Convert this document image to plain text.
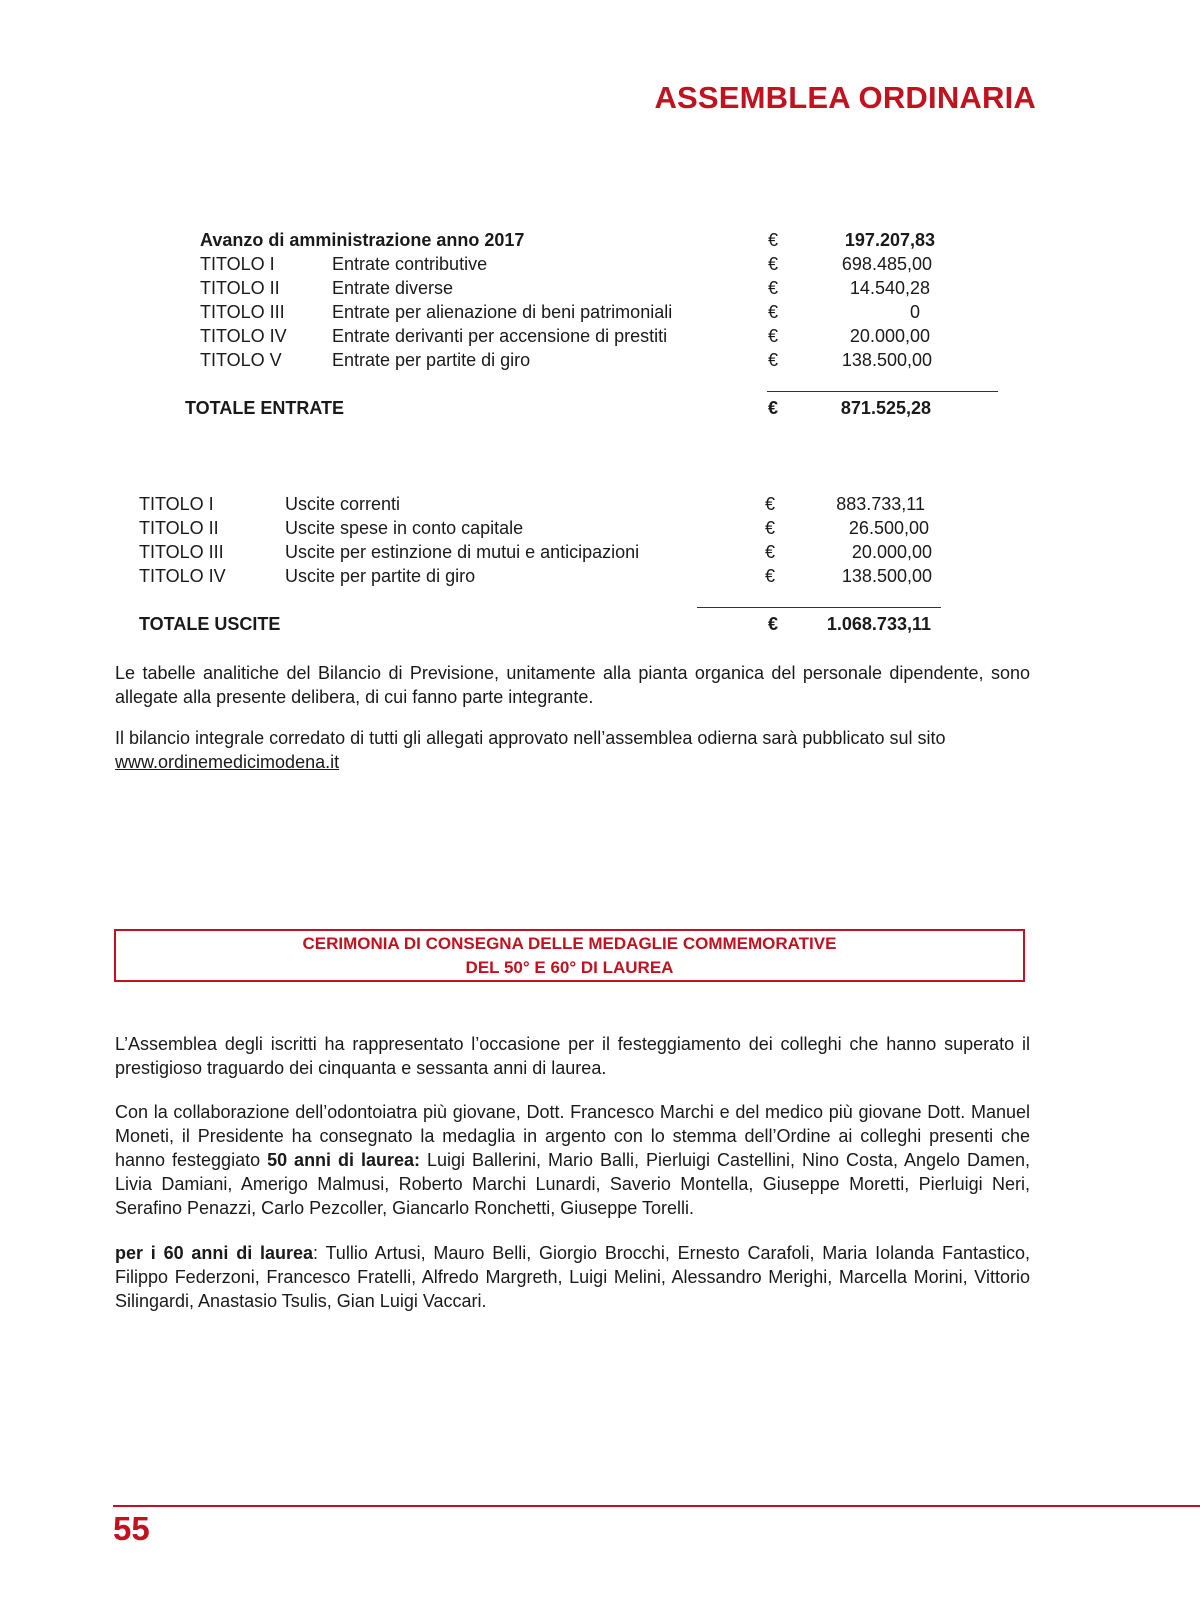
ASSEMBLEA ORDINARIA
Avanzo di amministrazione anno 2017	€	197.207,83
TITOLO I	Entrate contributive	€	698.485,00
TITOLO II	Entrate diverse	€	14.540,28
TITOLO III	Entrate per alienazione di beni patrimoniali	€	0
TITOLO IV	Entrate derivanti per accensione di prestiti	€	20.000,00
TITOLO V	Entrate per partite di giro	€	138.500,00
TOTALE ENTRATE	€	871.525,28
TITOLO I	Uscite correnti	€	883.733,11
TITOLO II	Uscite spese in conto capitale	€	26.500,00
TITOLO III	Uscite per estinzione di mutui e anticipazioni	€	20.000,00
TITOLO IV	Uscite per partite di giro	€	138.500,00
TOTALE USCITE	€	1.068.733,11

Le tabelle analitiche del Bilancio di Previsione, unitamente alla pianta organica del personale dipendente, sono allegate alla presente delibera, di cui fanno parte integrante.

Il bilancio integrale corredato di tutti gli allegati approvato nell’assemblea odierna sarà pubblicato sul sito
www.ordinemedicimodena.it

CERIMONIA DI CONSEGNA DELLE MEDAGLIE COMMEMORATIVE
DEL 50° E 60° DI LAUREA

L’Assemblea degli iscritti ha rappresentato l’occasione per il festeggiamento dei colleghi che hanno superato il prestigioso traguardo dei cinquanta e sessanta anni di laurea.

Con la collaborazione dell’odontoiatra più giovane, Dott. Francesco Marchi e del medico più giovane Dott. Manuel Moneti, il Presidente ha consegnato la medaglia in argento con lo stemma dell’Ordine ai colleghi presenti che hanno festeggiato 50 anni di laurea: Luigi Ballerini, Mario Balli, Pierluigi Castellini, Nino Costa, Angelo Damen, Livia Damiani, Amerigo Malmusi, Roberto Marchi Lunardi, Saverio Montella, Giuseppe Moretti, Pierluigi Neri, Serafino Penazzi, Carlo Pezcoller, Giancarlo Ronchetti, Giuseppe Torelli.

per i 60 anni di laurea: Tullio Artusi, Mauro Belli, Giorgio Brocchi, Ernesto Carafoli, Maria Iolanda Fantastico, Filippo Federzoni, Francesco Fratelli, Alfredo Margreth, Luigi Melini, Alessandro Merighi, Marcella Morini, Vittorio Silingardi, Anastasio Tsulis, Gian Luigi Vaccari.

55
